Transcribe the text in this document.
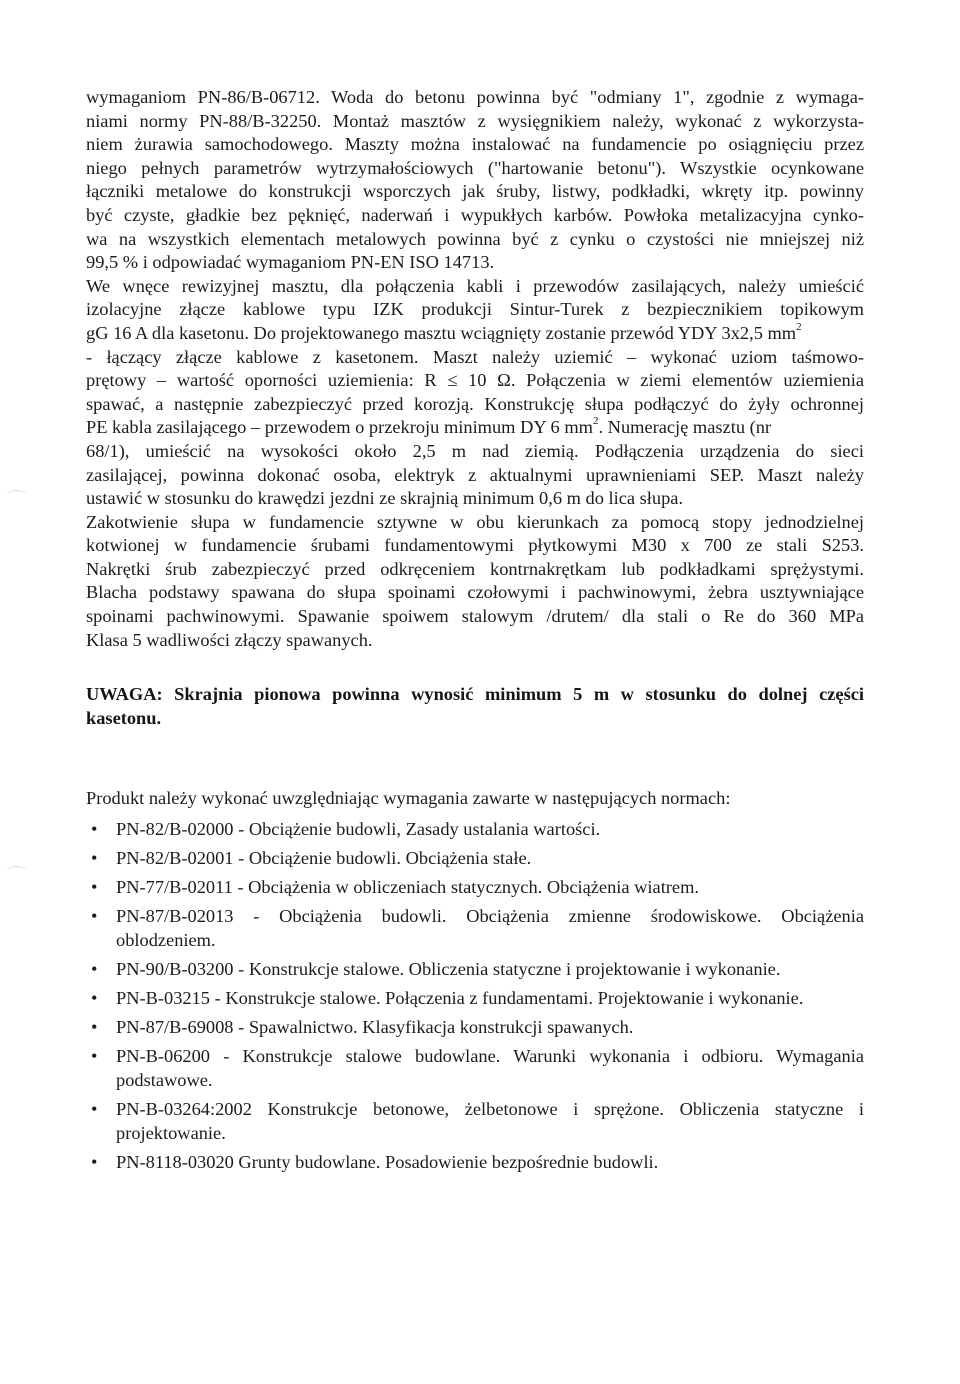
wymaganiom PN-86/B-06712. Woda do betonu powinna być "odmiany 1", zgodnie z wymaga-
niami normy PN-88/B-32250. Montaż masztów z wysięgnikiem należy, wykonać z wykorzysta-
niem żurawia samochodowego. Maszty można instalować na fundamencie po osiągnięciu przez
niego pełnych parametrów wytrzymałościowych ("hartowanie betonu"). Wszystkie ocynkowane
łączniki metalowe do konstrukcji wsporczych jak śruby, listwy, podkładki, wkręty itp. powinny
być czyste, gładkie bez pęknięć, naderwań i wypukłych karbów. Powłoka metalizacyjna cynko-
wa na wszystkich elementach metalowych powinna być z cynku o czystości nie mniejszej niż
99,5 % i odpowiadać wymaganiom PN-EN ISO 14713.

We wnęce rewizyjnej masztu, dla połączenia kabli i przewodów zasilających, należy umieścić
izolacyjne złącze kablowe typu IZK produkcji Sintur-Turek z bezpiecznikiem topikowym
gG 16 A dla kasetonu. Do projektowanego masztu wciągnięty zostanie przewód YDY 3x2,5 $mm^2$
- łączący złącze kablowe z kasetonem. Maszt należy uziemić – wykonać uziom taśmowo-
prętowy – wartość oporności uziemienia: R ≤ 10 Ω. Połączenia w ziemi elementów uziemienia
spawać, a następnie zabezpieczyć przed korozją. Konstrukcję słupa podłączyć do żyły ochronnej
PE kabla zasilającego – przewodem o przekroju minimum DY 6 $mm^2$. Numerację masztu (nr
68/1), umieścić na wysokości około 2,5 m nad ziemią. Podłączenia urządzenia do sieci
zasilającej, powinna dokonać osoba, elektryk z aktualnymi uprawnieniami SEP. Maszt należy
ustawić w stosunku do krawędzi jezdni ze skrajnią minimum 0,6 m do lica słupa.

Zakotwienie słupa w fundamencie sztywne w obu kierunkach za pomocą stopy jednodzielnej
kotwionej w fundamencie śrubami fundamentowymi płytkowymi M30 x 700 ze stali S253.
Nakrętki śrub zabezpieczyć przed odkręceniem kontrnakrętkam lub podkładkami sprężystymi.
Blacha podstawy spawana do słupa spoinami czołowymi i pachwinowymi, żebra usztywniające
spoinami pachwinowymi. Spawanie spoiwem stalowym /drutem/ dla stali o Re do 360 MPa
Klasa 5 wadliwości złączy spawanych.

UWAGA: Skrajnia pionowa powinna wynosić minimum 5 m w stosunku do dolnej części
kasetonu.
Produkt należy wykonać uwzględniając wymagania zawarte w następujących normach:
• PN-82/B-02000 - Obciążenie budowli, Zasady ustalania wartości.
• PN-82/B-02001 - Obciążenie budowli. Obciążenia stałe.
• PN-77/B-02011 - Obciążenia w obliczeniach statycznych. Obciążenia wiatrem.
• PN-87/B-02013 - Obciążenia budowli. Obciążenia zmienne środowiskowe. Obciążenia
oblodzeniem.
• PN-90/B-03200 - Konstrukcje stalowe. Obliczenia statyczne i projektowanie i wykonanie.
• PN-B-03215 - Konstrukcje stalowe. Połączenia z fundamentami. Projektowanie i wykonanie.
• PN-87/B-69008 - Spawalnictwo. Klasyfikacja konstrukcji spawanych.
• PN-B-06200 - Konstrukcje stalowe budowlane. Warunki wykonania i odbioru. Wymagania
podstawowe.
• PN-B-03264:2002 Konstrukcje betonowe, żelbetonowe i sprężone. Obliczenia statyczne i
projektowanie.
• PN-8118-03020 Grunty budowlane. Posadowienie bezpośrednie budowli.
